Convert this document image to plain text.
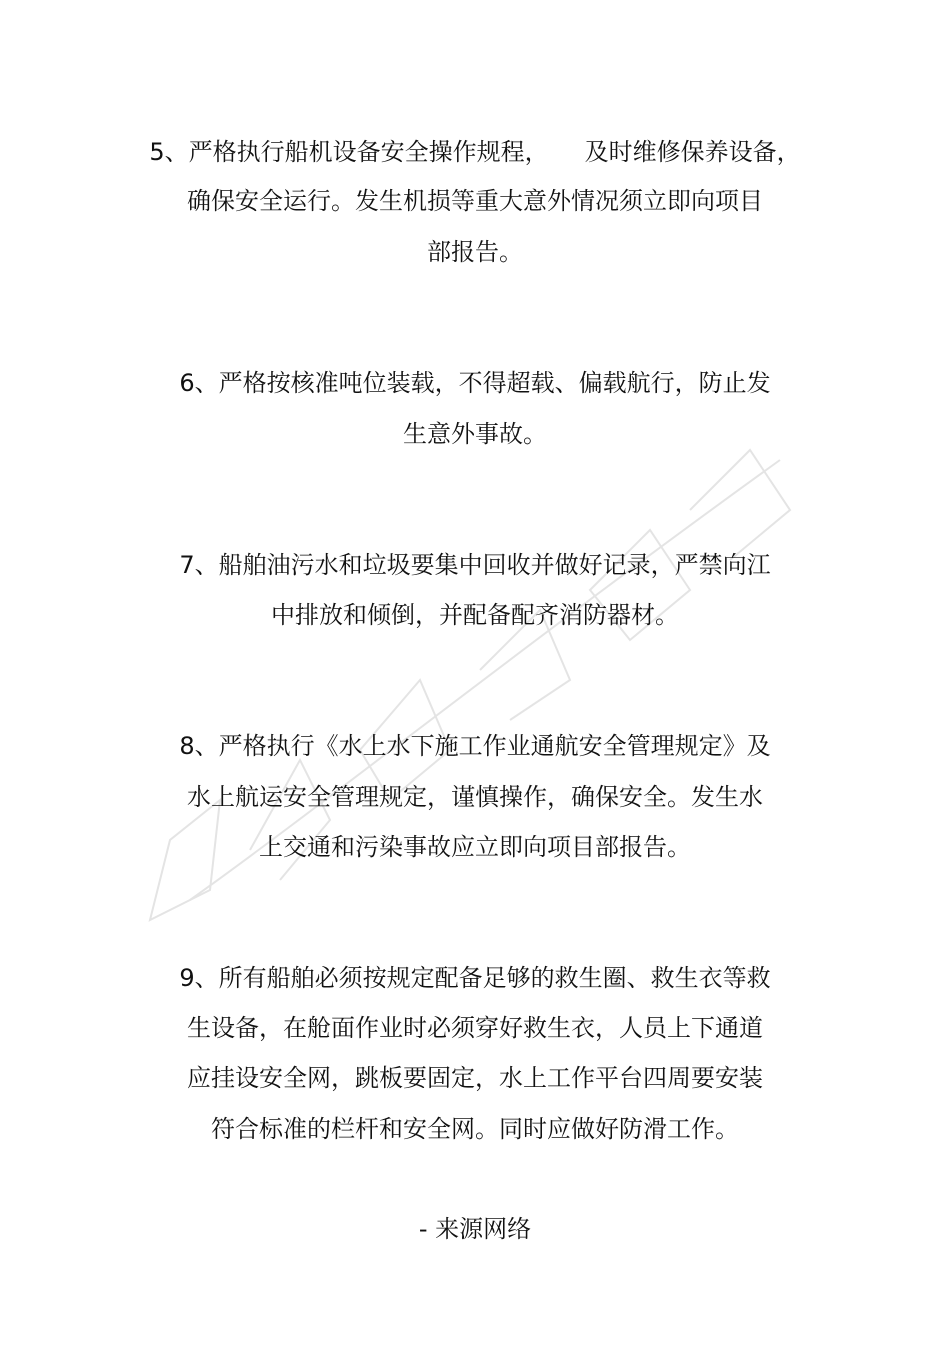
5、严格执行船机设备安全操作规程，　　及时维修保养设备，
确保安全运行。发生机损等重大意外情况须立即向项目
部报告。
6、严格按核准吨位装载，不得超载、偏载航行，防止发
生意外事故。
7、船舶油污水和垃圾要集中回收并做好记录，严禁向江
中排放和倾倒，并配备配齐消防器材。
8、严格执行《水上水下施工作业通航安全管理规定》及
水上航运安全管理规定，谨慎操作，确保安全。发生水
上交通和污染事故应立即向项目部报告。
9、所有船舶必须按规定配备足够的救生圈、救生衣等救
生设备，在舱面作业时必须穿好救生衣，人员上下通道
应挂设安全网，跳板要固定，水上工作平台四周要安装
符合标准的栏杆和安全网。同时应做好防滑工作。
- 来源网络
